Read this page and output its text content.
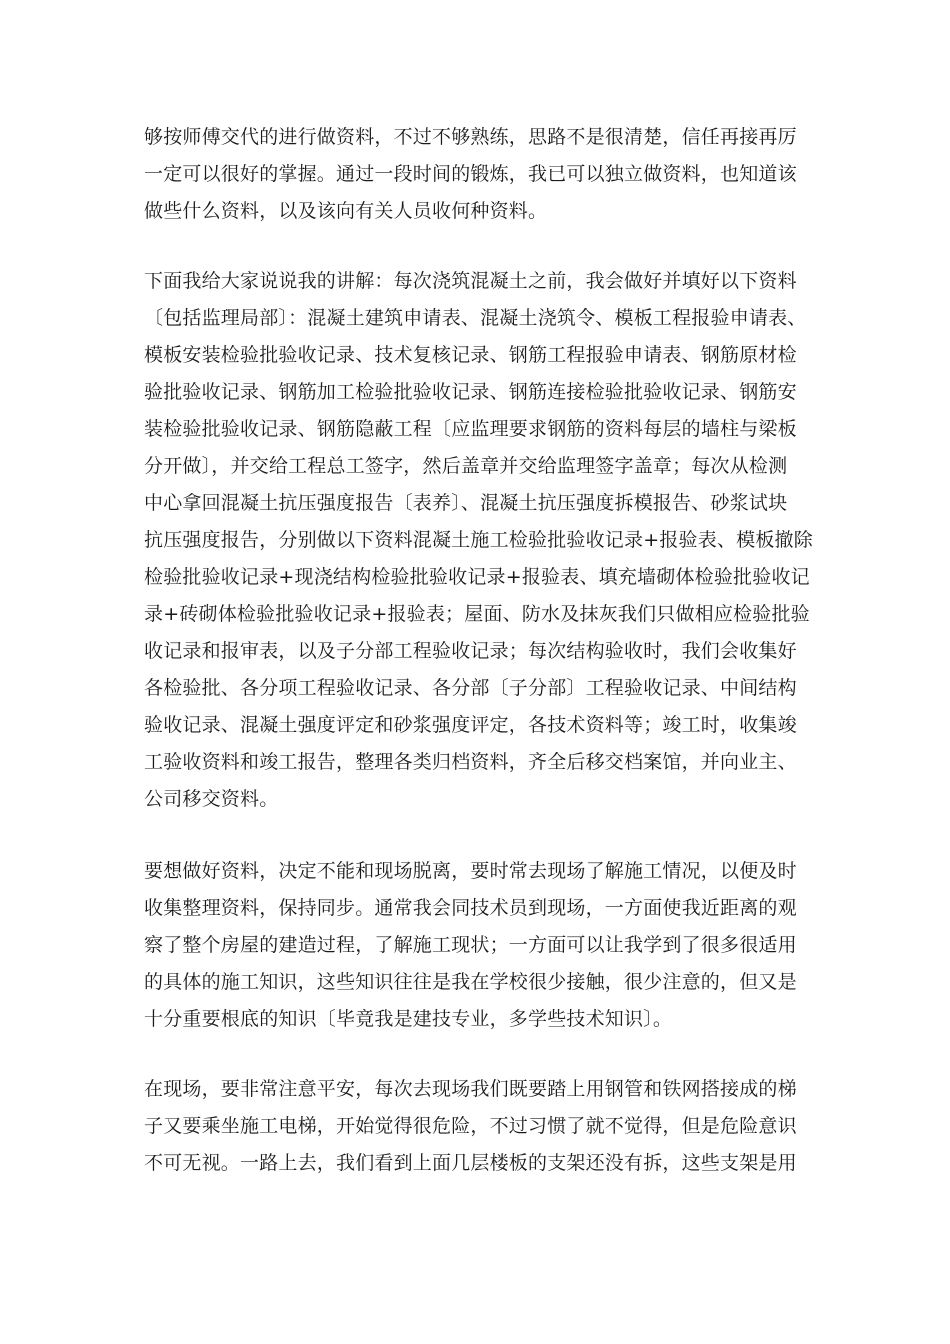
够按师傅交代的进行做资料，不过不够熟练，思路不是很清楚，信任再接再厉
一定可以很好的掌握。通过一段时间的锻炼，我已可以独立做资料，也知道该
做些什么资料，以及该向有关人员收何种资料。
下面我给大家说说我的讲解：每次浇筑混凝土之前，我会做好并填好以下资料
〔包括监理局部〕：混凝土建筑申请表、混凝土浇筑令、模板工程报验申请表、
模板安装检验批验收记录、技术复核记录、钢筋工程报验申请表、钢筋原材检
验批验收记录、钢筋加工检验批验收记录、钢筋连接检验批验收记录、钢筋安
装检验批验收记录、钢筋隐蔽工程〔应监理要求钢筋的资料每层的墙柱与梁板
分开做〕，并交给工程总工签字，然后盖章并交给监理签字盖章；每次从检测
中心拿回混凝土抗压强度报告〔表养〕、混凝土抗压强度拆模报告、砂浆试块
抗压强度报告，分别做以下资料混凝土施工检验批验收记录+报验表、模板撤除
检验批验收记录+现浇结构检验批验收记录+报验表、填充墙砌体检验批验收记
录+砖砌体检验批验收记录+报验表；屋面、防水及抹灰我们只做相应检验批验
收记录和报审表，以及子分部工程验收记录；每次结构验收时，我们会收集好
各检验批、各分项工程验收记录、各分部〔子分部〕工程验收记录、中间结构
验收记录、混凝土强度评定和砂浆强度评定，各技术资料等；竣工时，收集竣
工验收资料和竣工报告，整理各类归档资料，齐全后移交档案馆，并向业主、
公司移交资料。
要想做好资料，决定不能和现场脱离，要时常去现场了解施工情况，以便及时
收集整理资料，保持同步。通常我会同技术员到现场，一方面使我近距离的观
察了整个房屋的建造过程，了解施工现状；一方面可以让我学到了很多很适用
的具体的施工知识，这些知识往往是我在学校很少接触，很少注意的，但又是
十分重要根底的知识〔毕竟我是建技专业，多学些技术知识〕。
在现场，要非常注意平安，每次去现场我们既要踏上用钢管和铁网搭接成的梯
子又要乘坐施工电梯，开始觉得很危险，不过习惯了就不觉得，但是危险意识
不可无视。一路上去，我们看到上面几层楼板的支架还没有拆，这些支架是用
